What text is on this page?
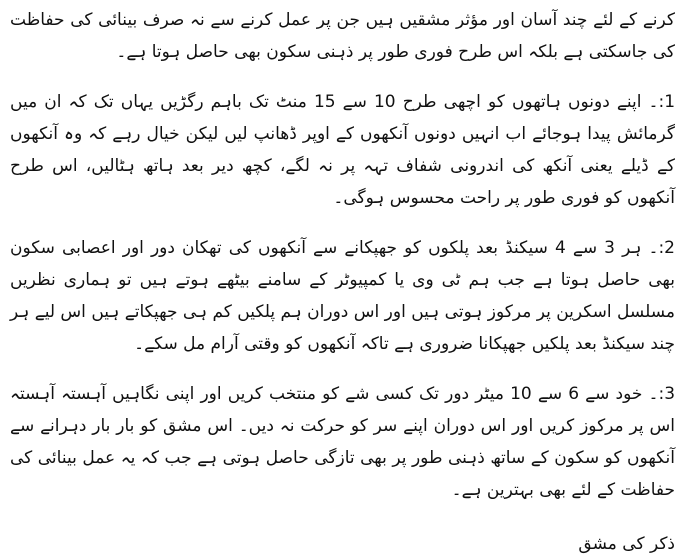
کرنے کے لئے چند آسان اور مؤثر مشقیں ہیں جن پر عمل کرنے سے نہ صرف بینائی کی حفاظت کی جاسکتی ہے بلکہ اس طرح فوری طور پر ذہنی سکون بھی حاصل ہوتا ہے۔

1:۔ اپنے دونوں ہاتھوں کو اچھی طرح 10 سے 15 منٹ تک باہم رگڑیں یہاں تک کہ ان میں گرمائش پیدا ہوجائے اب انہیں دونوں آنکھوں کے اوپر ڈھانپ لیں لیکن خیال رہے کہ وہ آنکھوں کے ڈیلے یعنی آنکھ کی اندرونی شفاف تہہ پر نہ لگے، کچھ دیر بعد ہاتھ ہٹالیں، اس طرح آنکھوں کو فوری طور پر راحت محسوس ہوگی۔

2:۔ ہر 3 سے 4 سیکنڈ بعد پلکوں کو جھپکانے سے آنکھوں کی تھکان دور اور اعصابی سکون بھی حاصل ہوتا ہے جب ہم ٹی وی یا کمپیوٹر کے سامنے بیٹھے ہوتے ہیں تو ہماری نظریں مسلسل اسکرین پر مرکوز ہوتی ہیں اور اس دوران ہم پلکیں کم ہی جھپکاتے ہیں اس لیے ہر چند سیکنڈ بعد پلکیں جھپکانا ضروری ہے تاکہ آنکھوں کو وقتی آرام مل سکے۔

3:۔ خود سے 6 سے 10 میٹر دور تک کسی شے کو منتخب کریں اور اپنی نگاہیں آہستہ آہستہ اس پر مرکوز کریں اور اس دوران اپنے سر کو حرکت نہ دیں۔ اس مشق کو بار بار دہرانے سے آنکھوں کو سکون کے ساتھ ذہنی طور پر بھی تازگی حاصل ہوتی ہے جب کہ یہ عمل بینائی کی حفاظت کے لئے بھی بہترین ہے۔

ذکر کی مشق
